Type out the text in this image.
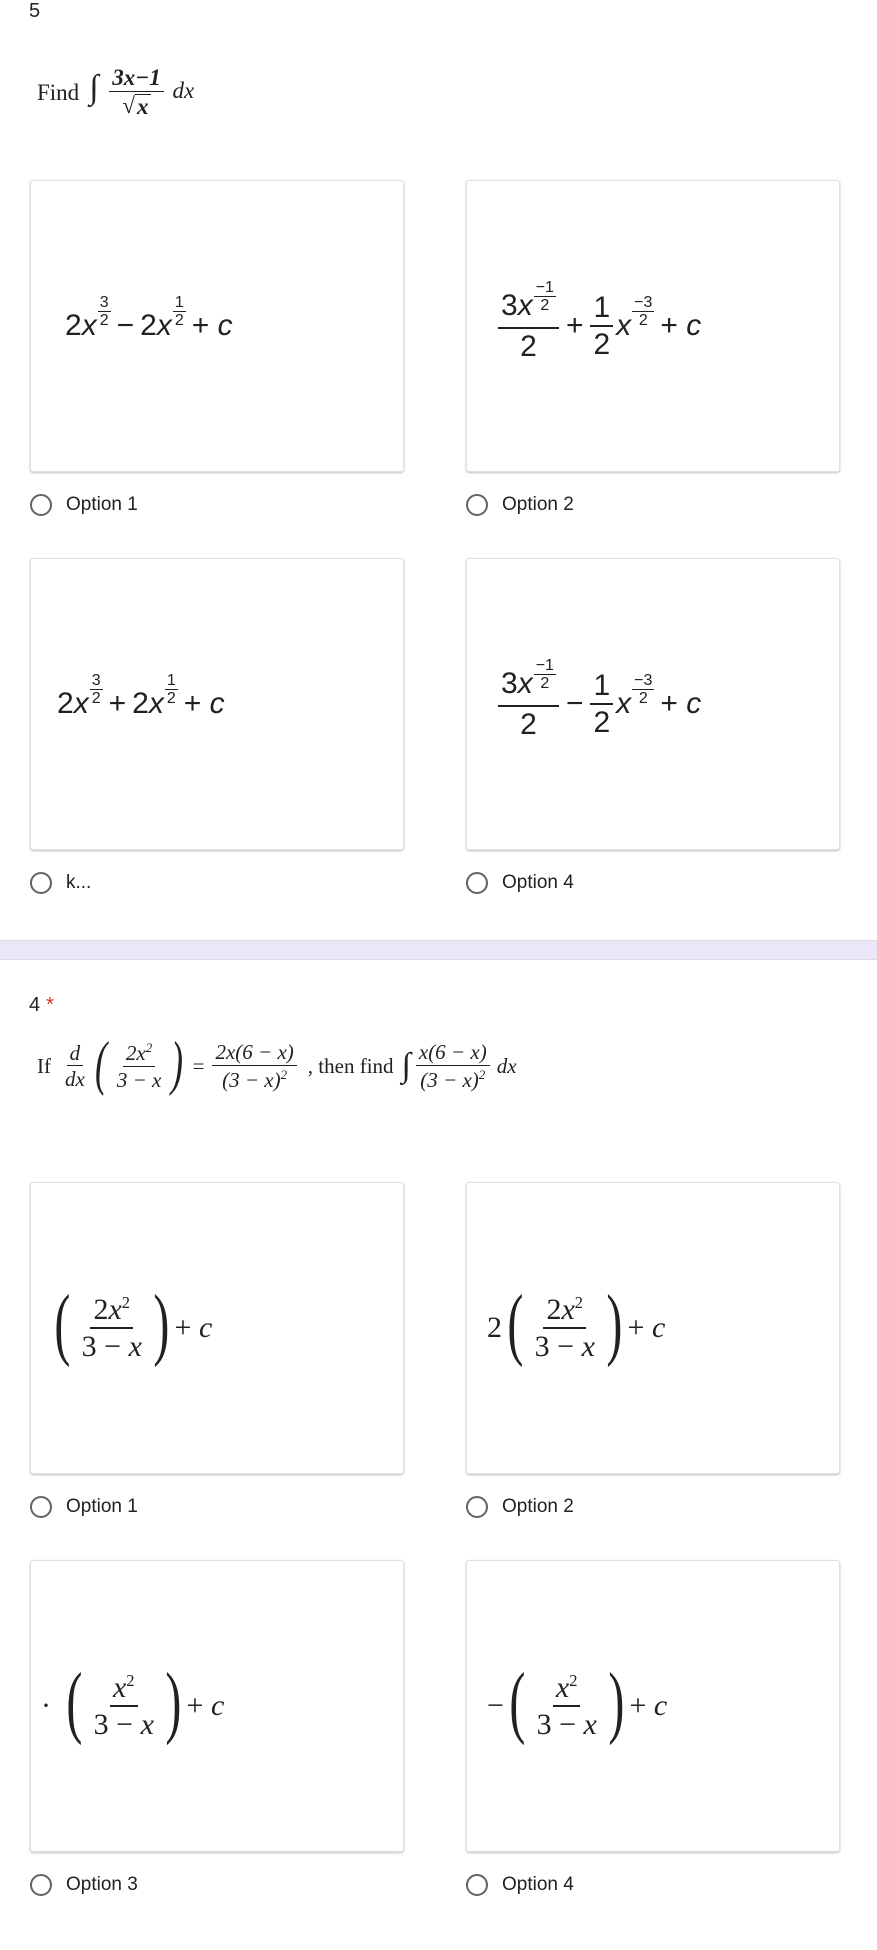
5
Find ∫ $\frac{3x-1}{√ x}$ dx
2x
3
2 − 2x
1
2 + c	$\frac{3x \frac{-1}{2}}{2} + \frac{1}{2}$ x
−3
2 + c
Option 1	Option 2
2x
3
2 + 2x
1
2 + c	$\frac{3x \frac{-1}{2}}{2} - \frac{1}{2}$ x
−3
2 + c
k...	Option 4
4 *
If $\frac{d}{dx}$ ( $\frac{2x^2}{3 - x}$ ) = $\frac{2x(6 - x)}{(3 - x)^2}$ , then find ∫ $\frac{x(6 - x)}{(3 - x)^2}$ dx
( $\frac{2x^2}{3 - x}$ ) + c	2 ( $\frac{2x^2}{3 - x}$ ) + c
Option 1	Option 2
· ( $\frac{x^2}{3 - x}$ ) + c	− ( $\frac{x^2}{3 - x}$ ) + c
Option 3	Option 4
